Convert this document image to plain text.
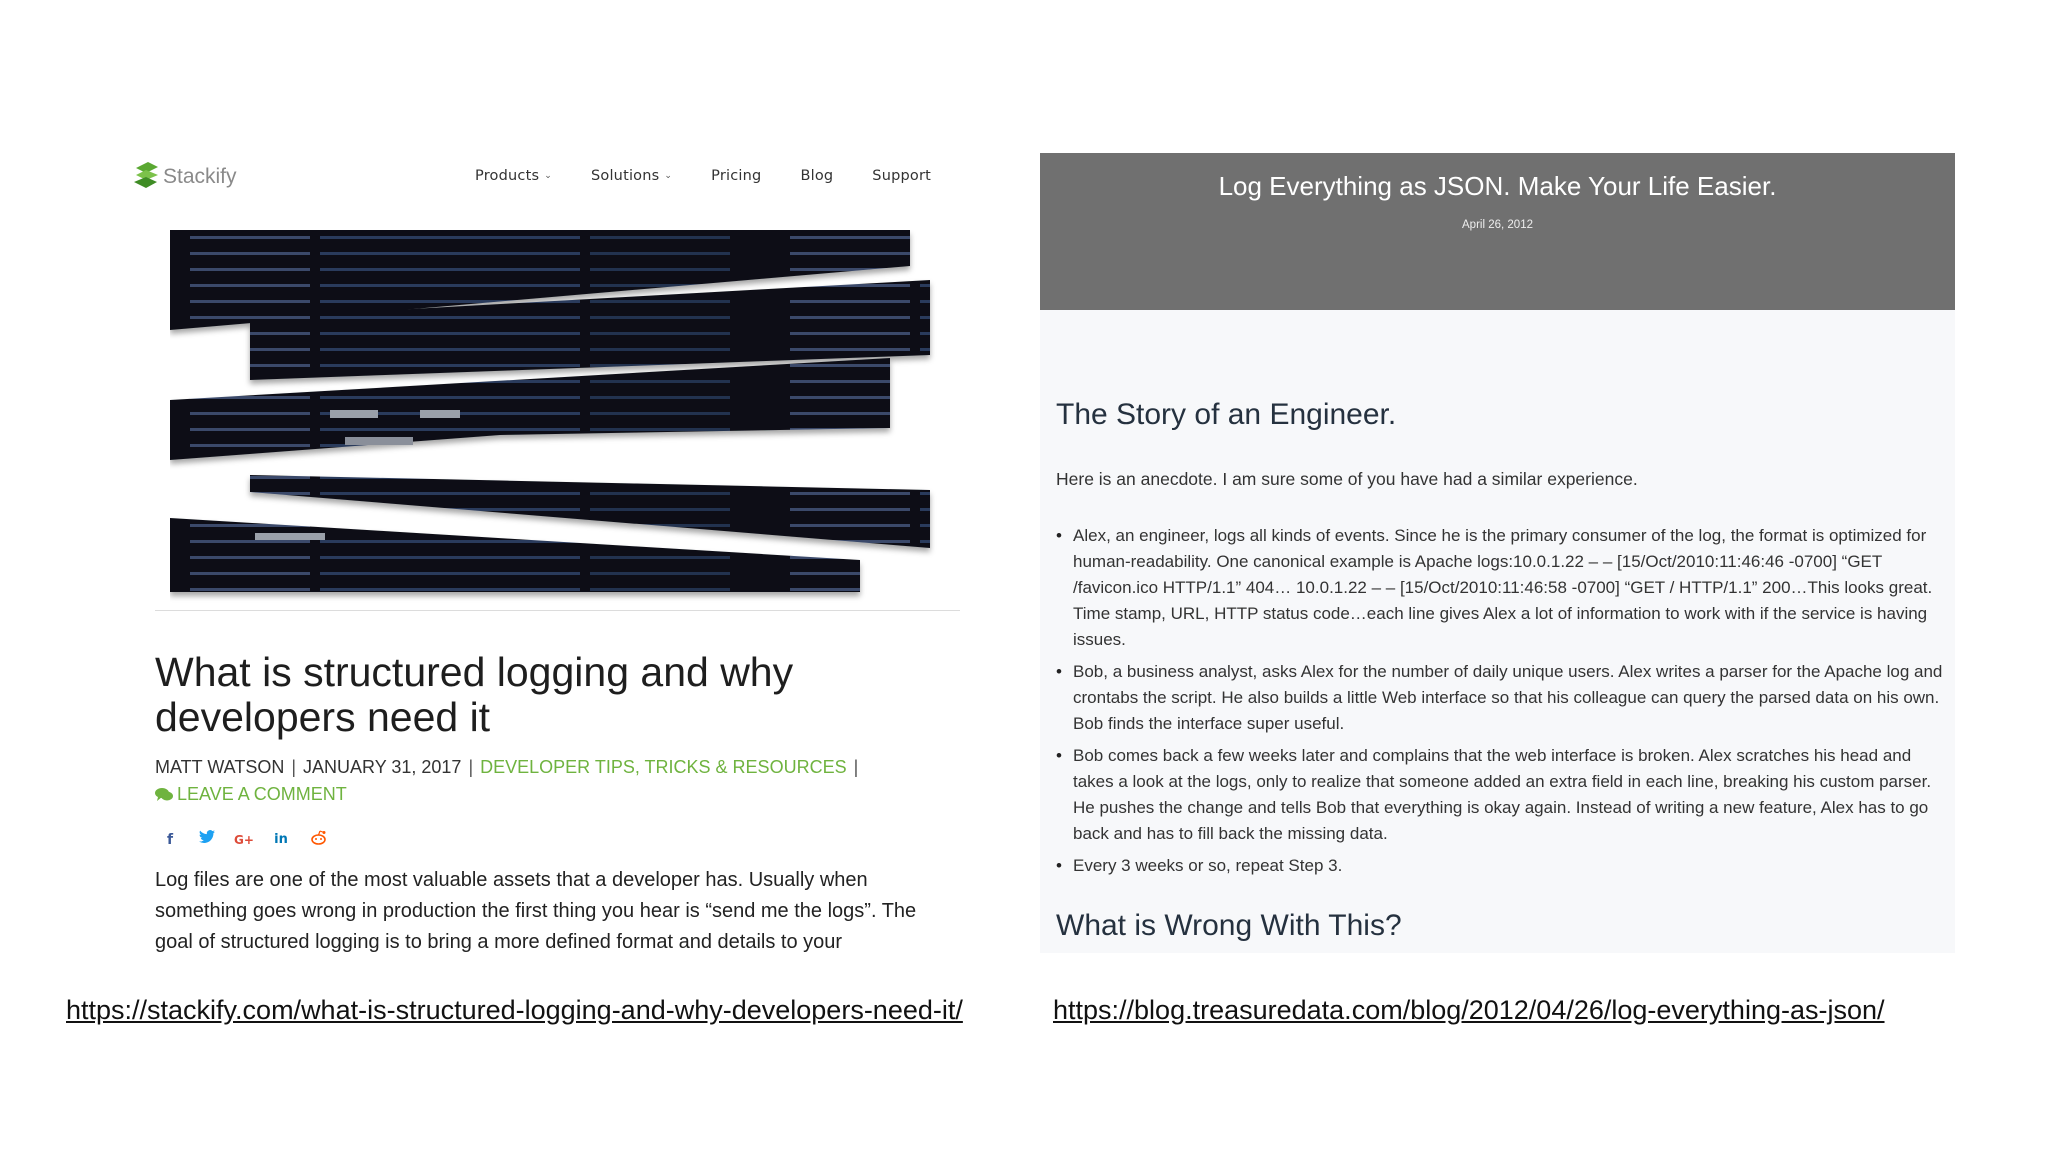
Stackify	Products ⌄	Solutions ⌄	Pricing	Blog	Support
What is structured logging and why developers need it
MATT WATSON | JANUARY 31, 2017 | DEVELOPER TIPS, TRICKS & RESOURCES |
LEAVE A COMMENT
f	G+ in
Log files are one of the most valuable assets that a developer has. Usually when something goes wrong in production the first thing you hear is “send me the logs”. The goal of structured logging is to bring a more defined format and details to your
Log Everything as JSON. Make Your Life Easier.
April 26, 2012
The Story of an Engineer.
Here is an anecdote. I am sure some of you have had a similar experience.
• Alex, an engineer, logs all kinds of events. Since he is the primary consumer of the log, the format is optimized for human-readability. One canonical example is Apache logs:10.0.1.22 – – [15/Oct/2010:11:46:46 -0700] “GET /favicon.ico HTTP/1.1” 404… 10.0.1.22 – – [15/Oct/2010:11:46:58 -0700] “GET / HTTP/1.1” 200…This looks great. Time stamp, URL, HTTP status code…each line gives Alex a lot of information to work with if the service is having issues.
• Bob, a business analyst, asks Alex for the number of daily unique users. Alex writes a parser for the Apache log and crontabs the script. He also builds a little Web interface so that his colleague can query the parsed data on his own. Bob finds the interface super useful.
• Bob comes back a few weeks later and complains that the web interface is broken. Alex scratches his head and takes a look at the logs, only to realize that someone added an extra field in each line, breaking his custom parser. He pushes the change and tells Bob that everything is okay again. Instead of writing a new feature, Alex has to go back and has to fill back the missing data.
• Every 3 weeks or so, repeat Step 3.
What is Wrong With This?
https://stackify.com/what-is-structured-logging-and-why-developers-need-it/	https://blog.treasuredata.com/blog/2012/04/26/log-everything-as-json/
